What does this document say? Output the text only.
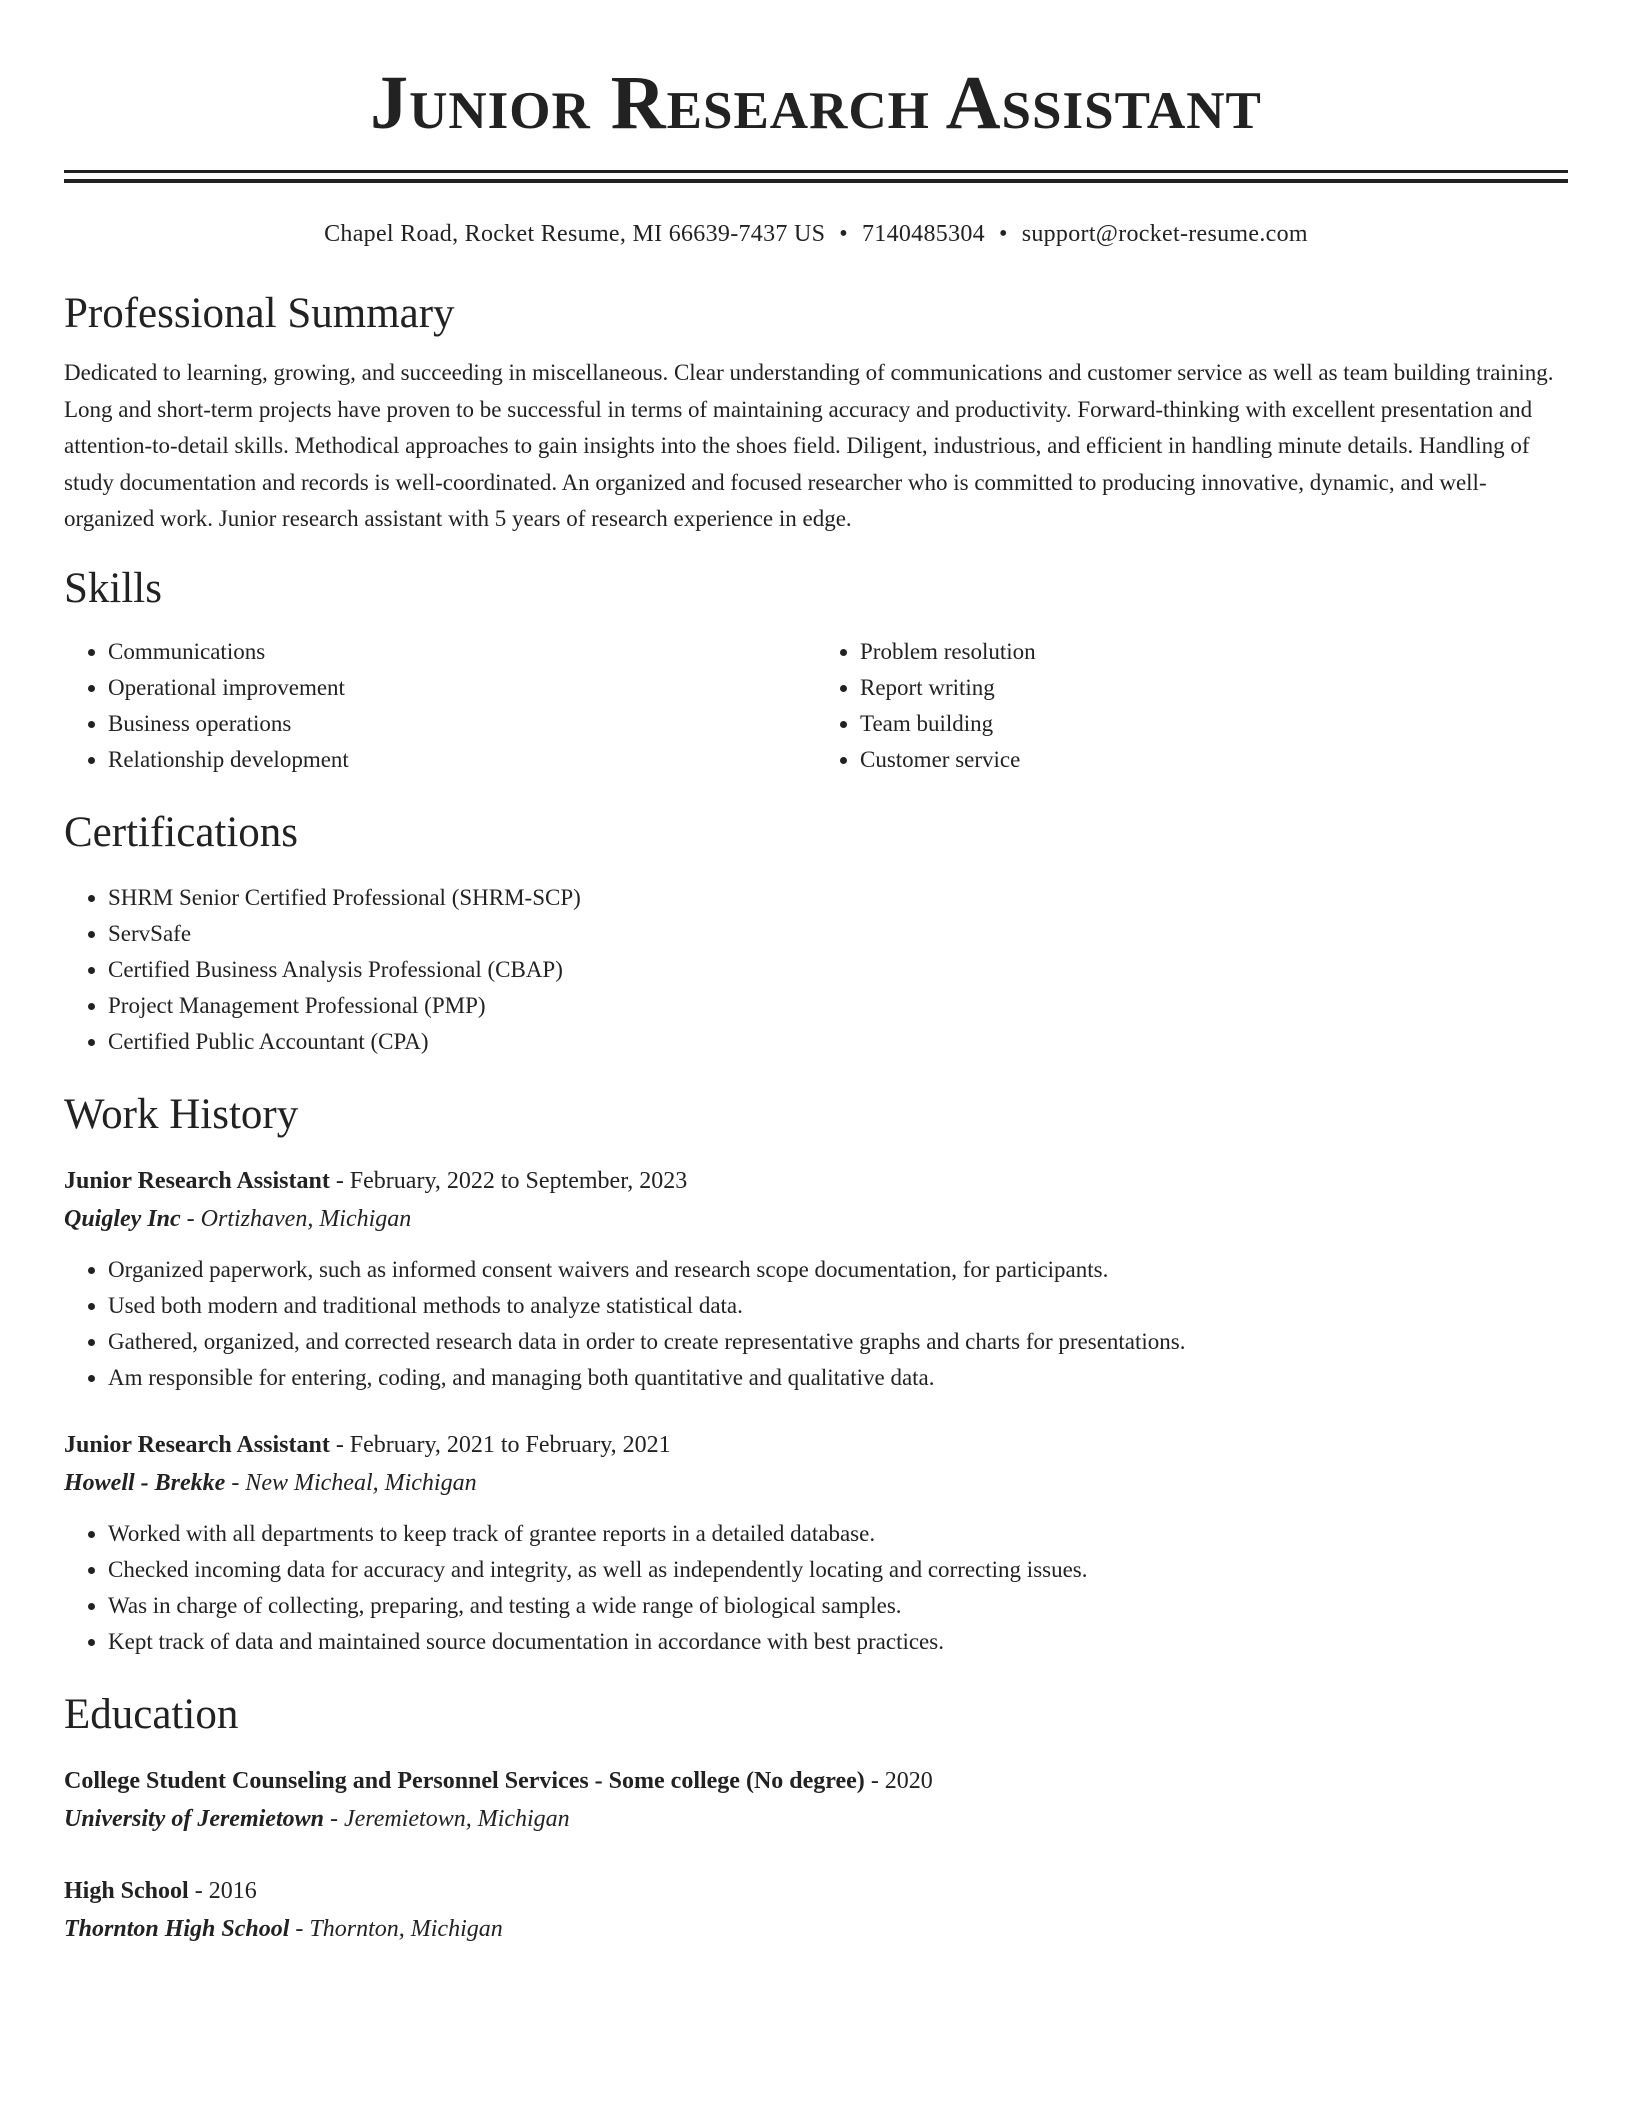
Junior Research Assistant
Chapel Road, Rocket Resume, MI 66639-7437 US • 7140485304 • support@rocket-resume.com
Professional Summary
Dedicated to learning, growing, and succeeding in miscellaneous. Clear understanding of communications and customer service as well as team building training. Long and short-term projects have proven to be successful in terms of maintaining accuracy and productivity. Forward-thinking with excellent presentation and attention-to-detail skills. Methodical approaches to gain insights into the shoes field. Diligent, industrious, and efficient in handling minute details. Handling of study documentation and records is well-coordinated. An organized and focused researcher who is committed to producing innovative, dynamic, and well-organized work. Junior research assistant with 5 years of research experience in edge.
Skills
• Communications
• Operational improvement
• Business operations
• Relationship development
• Problem resolution
• Report writing
• Team building
• Customer service
Certifications
• SHRM Senior Certified Professional (SHRM-SCP)
• ServSafe
• Certified Business Analysis Professional (CBAP)
• Project Management Professional (PMP)
• Certified Public Accountant (CPA)
Work History
Junior Research Assistant - February, 2022 to September, 2023
Quigley Inc - Ortizhaven, Michigan
• Organized paperwork, such as informed consent waivers and research scope documentation, for participants.
• Used both modern and traditional methods to analyze statistical data.
• Gathered, organized, and corrected research data in order to create representative graphs and charts for presentations.
• Am responsible for entering, coding, and managing both quantitative and qualitative data.
Junior Research Assistant - February, 2021 to February, 2021
Howell - Brekke - New Micheal, Michigan
• Worked with all departments to keep track of grantee reports in a detailed database.
• Checked incoming data for accuracy and integrity, as well as independently locating and correcting issues.
• Was in charge of collecting, preparing, and testing a wide range of biological samples.
• Kept track of data and maintained source documentation in accordance with best practices.
Education
College Student Counseling and Personnel Services - Some college (No degree) - 2020
University of Jeremietown - Jeremietown, Michigan
High School - 2016
Thornton High School - Thornton, Michigan
